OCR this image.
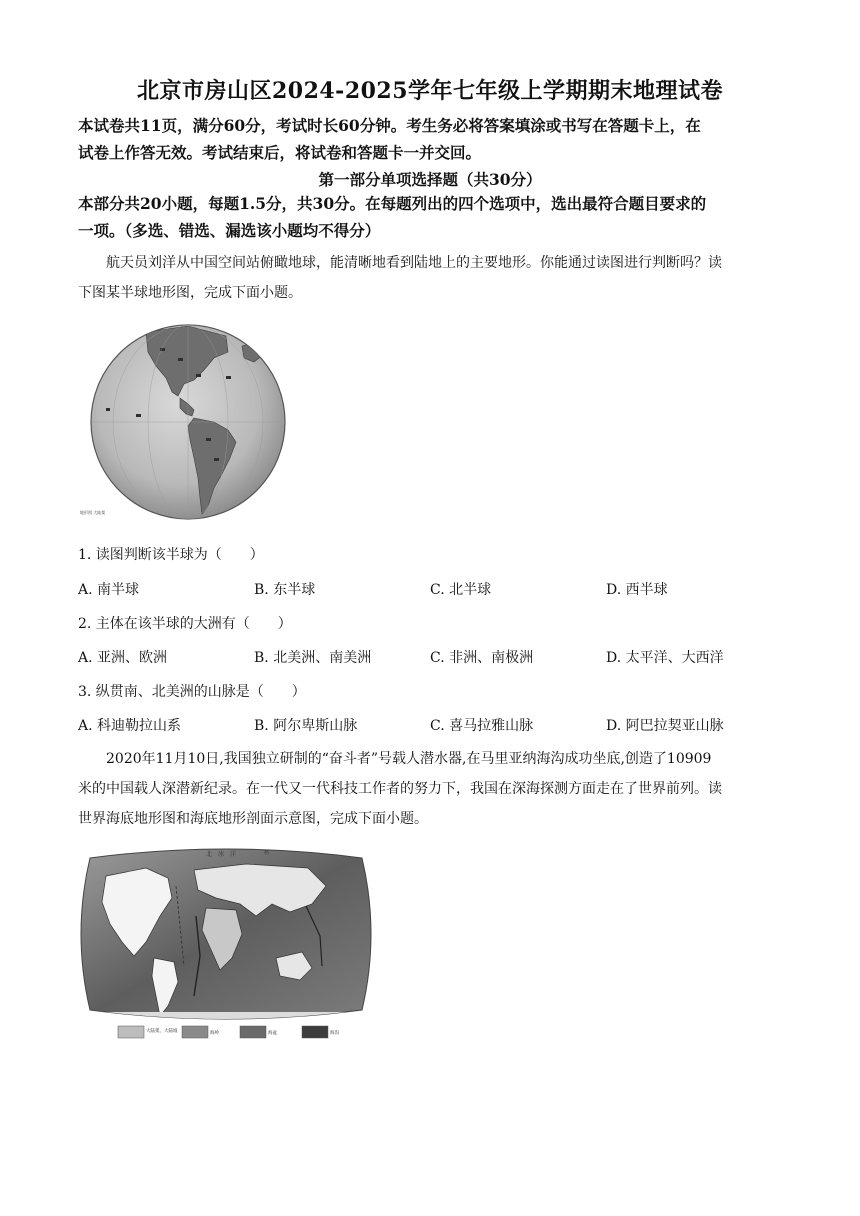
北京市房山区2024-2025学年七年级上学期期末地理试卷
本试卷共11页，满分60分，考试时长60分钟。考生务必将答案填涂或书写在答题卡上，在
试卷上作答无效。考试结束后，将试卷和答题卡一并交回。
第一部分单项选择题（共30分）
本部分共20小题，每题1.5分，共30分。在每题列出的四个选项中，选出最符合题目要求的
一项。（多选、错选、漏选该小题均不得分）
航天员刘洋从中国空间站俯瞰地球，能清晰地看到陆地上的主要地形。你能通过读图进行判断吗？读
下图某半球地形图，完成下面小题。
地形图 大陆架
1. 读图判断该半球为（　　）
A. 南半球	B. 东半球	C. 北半球	D. 西半球
2. 主体在该半球的大洲有（　　）
A. 亚洲、欧洲	B. 北美洲、南美洲	C. 非洲、南极洲	D. 太平洋、大西洋
3. 纵贯南、北美洲的山脉是（　　）
A. 科迪勒拉山系	B. 阿尔卑斯山脉	C. 喜马拉雅山脉	D. 阿巴拉契亚山脉
2020年11月10日,我国独立研制的“奋斗者”号载人潜水器,在马里亚纳海沟成功坐底,创造了10909
米的中国载人深潜新纪录。在一代又一代科技工作者的努力下，我国在深海探测方面走在了世界前列。读
世界海底地形图和海底地形剖面示意图，完成下面小题。
北　冰　洋	格
大陆架、大陆坡	海岭	海盆	海沟
